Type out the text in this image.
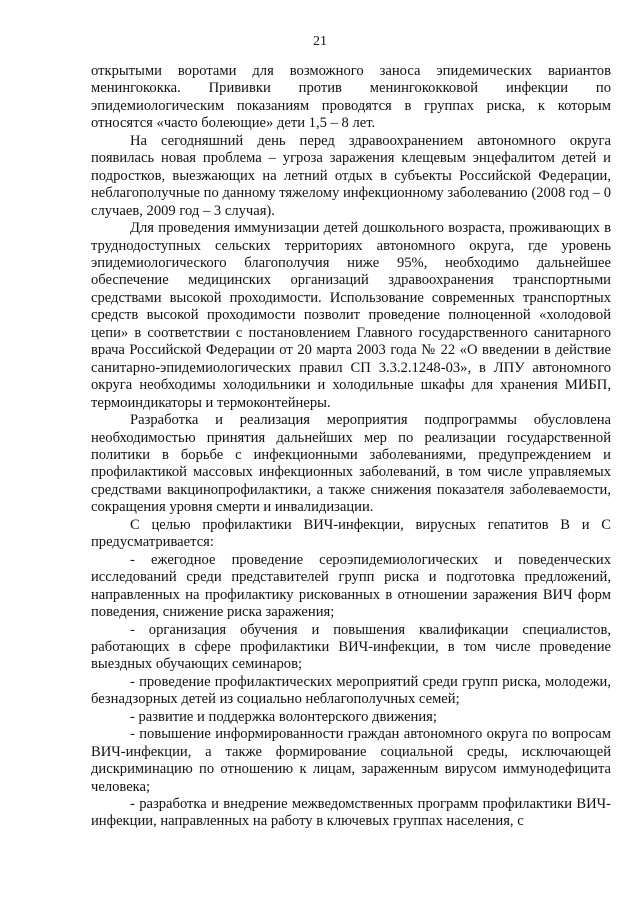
21

открытыми воротами для возможного заноса эпидемических вариантов менингококка. Прививки против менингококковой инфекции по эпидемиологическим показаниям проводятся в группах риска, к которым относятся «часто болеющие» дети 1,5 – 8 лет.

На сегодняшний день перед здравоохранением автономного округа появилась новая проблема – угроза заражения клещевым энцефалитом детей и подростков, выезжающих на летний отдых в субъекты Российской Федерации, неблагополучные по данному тяжелому инфекционному заболеванию (2008 год – 0 случаев, 2009 год – 3 случая).

Для проведения иммунизации детей дошкольного возраста, проживающих в труднодоступных сельских территориях автономного округа, где уровень эпидемиологического благополучия ниже 95%, необходимо дальнейшее обеспечение медицинских организаций здравоохранения транспортными средствами высокой проходимости. Использование современных транспортных средств высокой проходимости позволит проведение полноценной «холодовой цепи» в соответствии с постановлением Главного государственного санитарного врача Российской Федерации от 20 марта 2003 года № 22 «О введении в действие санитарно-эпидемиологических правил СП 3.3.2.1248-03», в ЛПУ автономного округа необходимы холодильники и холодильные шкафы для хранения МИБП, термоиндикаторы и термоконтейнеры.

Разработка и реализация мероприятия подпрограммы обусловлена необходимостью принятия дальнейших мер по реализации государственной политики в борьбе с инфекционными заболеваниями, предупреждением и профилактикой массовых инфекционных заболеваний, в том числе управляемых средствами вакцинопрофилактики, а также снижения показателя заболеваемости, сокращения уровня смерти и инвалидизации.

С целью профилактики ВИЧ-инфекции, вирусных гепатитов В и С предусматривается:

- ежегодное проведение сероэпидемиологических и поведенческих исследований среди представителей групп риска и подготовка предложений, направленных на профилактику рискованных в отношении заражения ВИЧ форм поведения, снижение риска заражения;

- организация обучения и повышения квалификации специалистов, работающих в сфере профилактики ВИЧ-инфекции, в том числе проведение выездных обучающих семинаров;

- проведение профилактических мероприятий среди групп риска, молодежи, безнадзорных детей из социально неблагополучных семей;

- развитие и поддержка волонтерского движения;

- повышение информированности граждан автономного округа по вопросам ВИЧ-инфекции, а также формирование социальной среды, исключающей дискриминацию по отношению к лицам, зараженным вирусом иммунодефицита человека;

- разработка и внедрение межведомственных программ профилактики ВИЧ-инфекции, направленных на работу в ключевых группах населения, с
